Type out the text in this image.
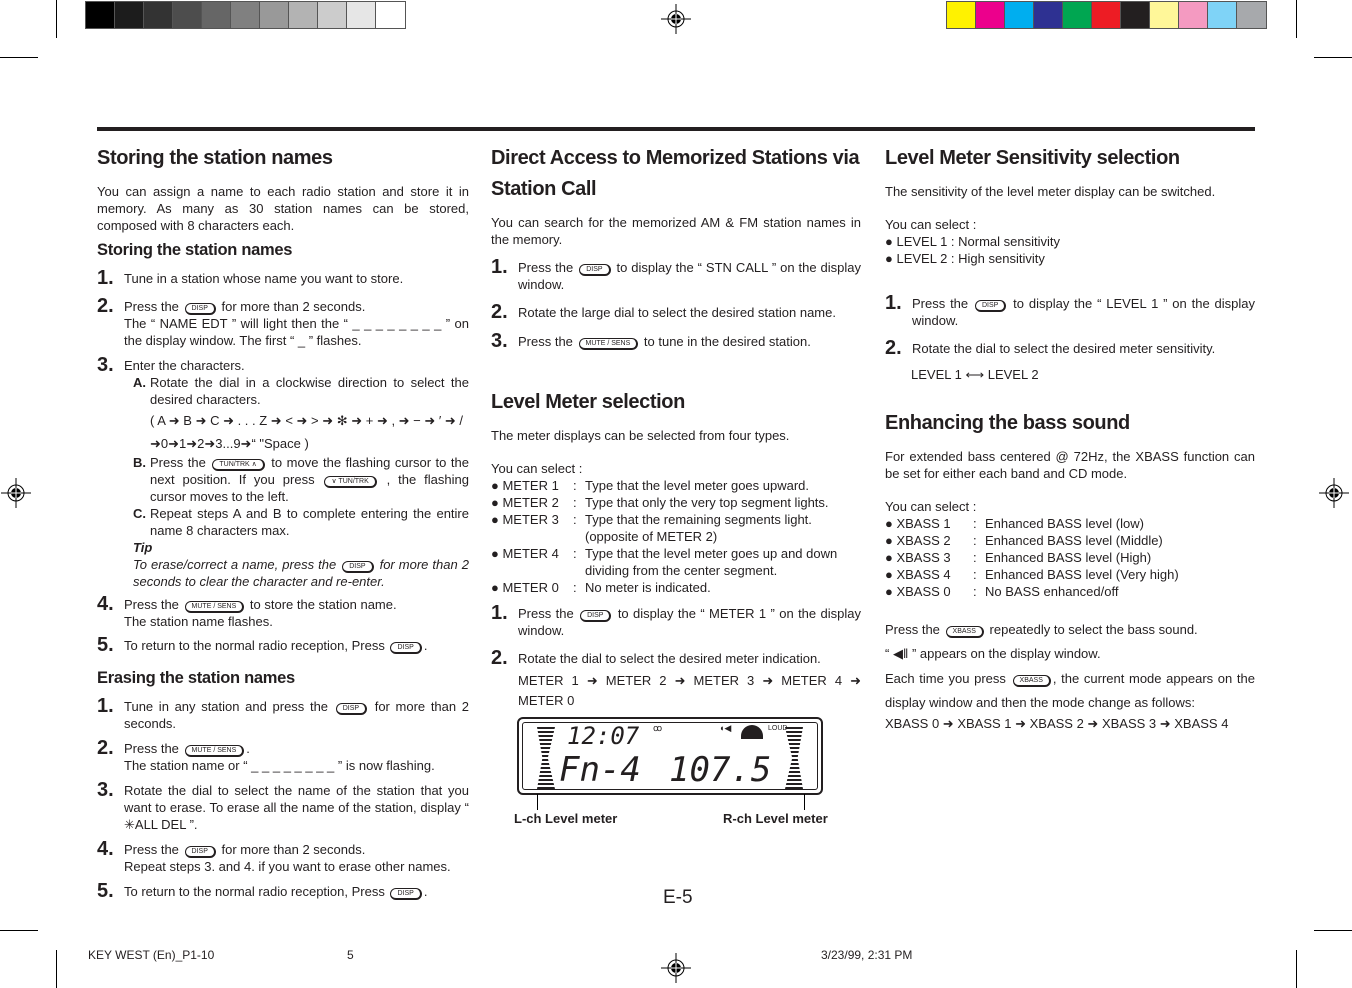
Storing the station names

You can assign a name to each radio station and store it in memory. As many as 30 station names can be stored, composed with 8 characters each.

Storing the station names
1. Tune in a station whose name you want to store.
2. Press the DISP for more than 2 seconds.
The “ NAME EDT ” will light then the “ _ _ _ _ _ _ _ _ ” on the display window. The first “ _ ” flashes.
3. Enter the characters.
A. Rotate the dial in a clockwise direction to select the desired characters.
( A ➜ B ➜ C ➜ . . . Z ➜ < ➜ > ➜ ✻ ➜ + ➜ , ➜ − ➜ ′ ➜ /
➜0➜1➜2➜3...9➜“ "Space )
B. Press the TUN/TRK ∧ to move the flashing cursor to the next position. If you press ∨ TUN/TRK , the flashing cursor moves to the left.
C. Repeat steps A and B to complete entering the entire name 8 characters max.
Tip
To erase/correct a name, press the DISP for more than 2 seconds to clear the character and re-enter.
4. Press the MUTE / SENS to store the station name.
The station name flashes.
5. To return to the normal radio reception, Press DISP .
Erasing the station names
1. Tune in any station and press the DISP for more than 2 seconds.
2. Press the MUTE / SENS .
The station name or “ _ _ _ _ _ _ _ _ ” is now flashing.
3. Rotate the dial to select the name of the station that you want to erase. To erase all the name of the station, display “ ✳ALL DEL ”.
4. Press the DISP for more than 2 seconds.
Repeat steps 3. and 4. if you want to erase other names.
5. To return to the normal radio reception, Press DISP .
Direct Access to Memorized Stations via Station Call

You can search for the memorized AM & FM station names in the memory.

1. Press the DISP to display the “ STN CALL ” on the display window.
2. Rotate the large dial to select the desired station name.
3. Press the MUTE / SENS to tune in the desired station.
Level Meter selection

The meter displays can be selected from four types.

You can select :

● METER 1	: Type that the level meter goes upward.
● METER 2	: Type that only the very top segment lights.
● METER 3	: Type that the remaining segments light. (opposite of METER 2)
● METER 4	: Type that the level meter goes up and down dividing from the center segment.
● METER 0	: No meter is indicated.
1. Press the DISP to display the “ METER 1 ” on the display window.
2. Rotate the dial to select the desired meter indication.
METER 1 ➜ METER 2 ➜ METER 3 ➜ METER 4 ➜ METER 0
12:07
Fn-4 107.5
LOUD
ꝏ	◖◀
L-ch Level meter	R-ch Level meter
Level Meter Sensitivity selection

The sensitivity of the level meter display can be switched.

You can select :

● LEVEL 1 : Normal sensitivity

● LEVEL 2 : High sensitivity

1. Press the DISP to display the “ LEVEL 1 ” on the display window.
2. Rotate the dial to select the desired meter sensitivity.
LEVEL 1 ⟷ LEVEL 2
Enhancing the bass sound

For extended bass centered @ 72Hz, the XBASS function can be set for either each band and CD mode.

You can select :

● XBASS 1	: Enhanced BASS level (low)
● XBASS 2	: Enhanced BASS level (Middle)
● XBASS 3	: Enhanced BASS level (High)
● XBASS 4	: Enhanced BASS level (Very high)
● XBASS 0	: No BASS enhanced/off

Press the XBASS repeatedly to select the bass sound.

“ ◀ǁ ” appears on the display window.

Each time you press XBASS , the current mode appears on the display window and then the mode change as follows:

XBASS 0 ➜ XBASS 1 ➜ XBASS 2 ➜ XBASS 3 ➜ XBASS 4

E-5
KEY WEST (En)_P1-10	5	3/23/99, 2:31 PM
